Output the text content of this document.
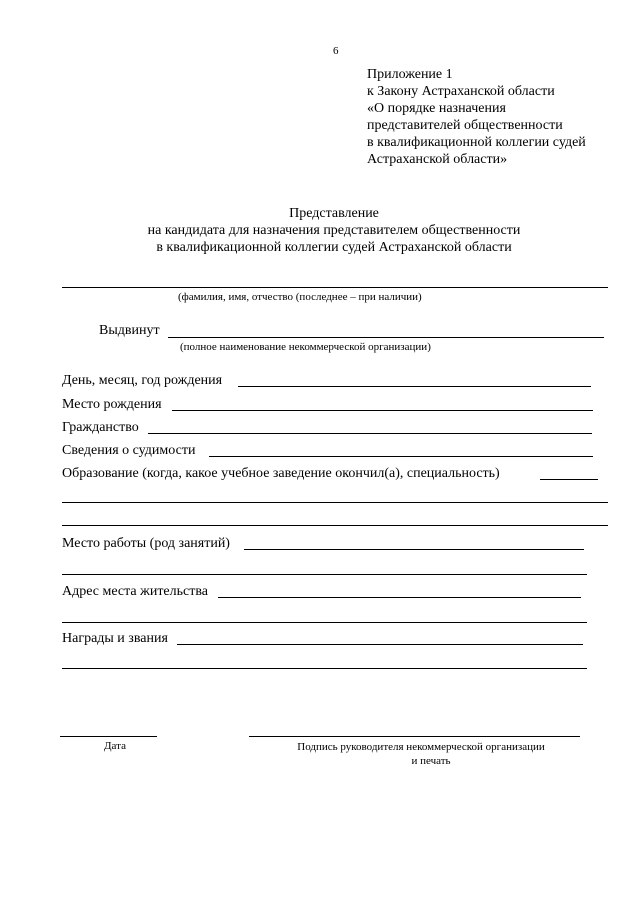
6
Приложение 1
к Закону Астраханской области
«О порядке назначения
представителей общественности
в квалификационной коллегии судей
Астраханской области»
Представление
на кандидата для назначения представителем общественности
в квалификационной коллегии судей Астраханской области
(фамилия, имя, отчество (последнее – при наличии)
Выдвинут
(полное наименование некоммерческой организации)
День, месяц, год рождения
Место рождения
Гражданство
Сведения о судимости
Образование (когда, какое учебное заведение окончил(а), специальность)
Место работы (род занятий)
Адрес места жительства
Награды и звания
Дата	Подпись руководителя некоммерческой организации
и печать
